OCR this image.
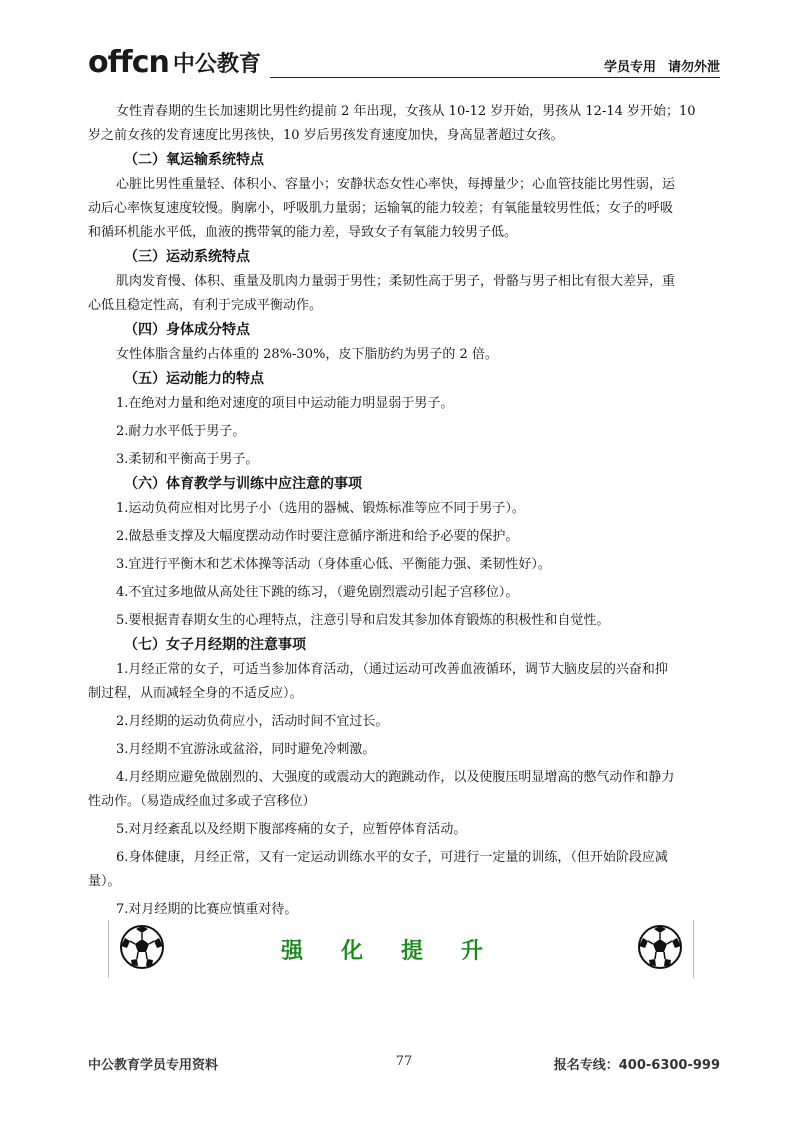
offcn 中公教育	学员专用 请勿外泄
女性青春期的生长加速期比男性约提前 2 年出现，女孩从 10-12 岁开始，男孩从 12-14 岁开始；10
岁之前女孩的发育速度比男孩快，10 岁后男孩发育速度加快，身高显著超过女孩。
（二）氧运输系统特点
心脏比男性重量轻、体积小、容量小；安静状态女性心率快，每搏量少；心血管技能比男性弱，运
动后心率恢复速度较慢。胸廓小，呼吸肌力量弱；运输氧的能力较差；有氧能量较男性低；女子的呼吸
和循环机能水平低，血液的携带氧的能力差，导致女子有氧能力较男子低。
（三）运动系统特点
肌肉发育慢、体积、重量及肌肉力量弱于男性；柔韧性高于男子，骨骼与男子相比有很大差异，重
心低且稳定性高，有利于完成平衡动作。
（四）身体成分特点
女性体脂含量约占体重的 28%-30%，皮下脂肪约为男子的 2 倍。
（五）运动能力的特点
1.在绝对力量和绝对速度的项目中运动能力明显弱于男子。
2.耐力水平低于男子。
3.柔韧和平衡高于男子。
（六）体育教学与训练中应注意的事项
1.运动负荷应相对比男子小（选用的器械、锻炼标准等应不同于男子）。
2.做悬垂支撑及大幅度摆动动作时要注意循序渐进和给予必要的保护。
3.宜进行平衡木和艺术体操等活动（身体重心低、平衡能力强、柔韧性好）。
4.不宜过多地做从高处往下跳的练习，（避免剧烈震动引起子宫移位）。
5.要根据青春期女生的心理特点，注意引导和启发其参加体育锻炼的积极性和自觉性。
（七）女子月经期的注意事项
1.月经正常的女子，可适当参加体育活动，（通过运动可改善血液循环，调节大脑皮层的兴奋和抑
制过程，从而减轻全身的不适反应）。
2.月经期的运动负荷应小，活动时间不宜过长。
3.月经期不宜游泳或盆浴，同时避免冷刺激。
4.月经期应避免做剧烈的、大强度的或震动大的跑跳动作，以及使腹压明显增高的憋气动作和静力
性动作。（易造成经血过多或子宫移位）
5.对月经紊乱以及经期下腹部疼痛的女子，应暂停体育活动。
6.身体健康，月经正常，又有一定运动训练水平的女子，可进行一定量的训练，（但开始阶段应减
量）。
7.对月经期的比赛应慎重对待。
强化提升
中公教育学员专用资料	77	报名专线：400-6300-999
